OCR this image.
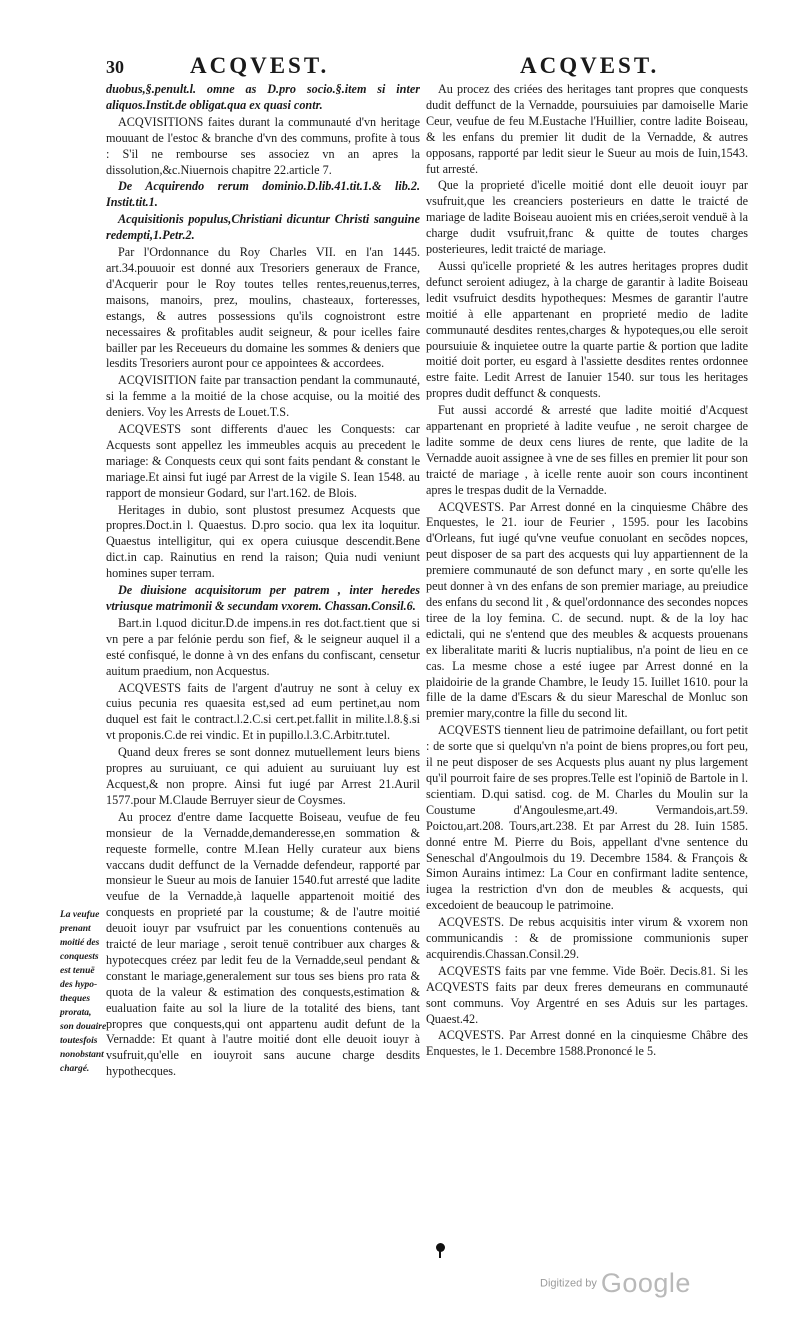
30	ACQVEST.	ACQVEST.

duobus,§.penult.l. omne as D.pro socio.§.item si inter aliquos.Instit.de obligat.qua ex quasi contr.

ACQVISITIONS faites durant la communauté d'vn heritage mouuant de l'estoc & branche d'vn des communs, profite à tous : S'il ne rembourse ses associez vn an apres la dissolution,&c.Niuernois chapitre 22.article 7.

De Acquirendo rerum dominio.D.lib.41.tit.1.& lib.2. Instit.tit.1.

Acquisitionis populus,Christiani dicuntur Christi sanguine redempti,1.Petr.2.

Par l'Ordonnance du Roy Charles VII. en l'an 1445. art.34.pouuoir est donné aux Tresoriers generaux de France, d'Acquerir pour le Roy toutes telles rentes,reuenus,terres, maisons, manoirs, prez, moulins, chasteaux, forteresses, estangs, & autres possessions qu'ils cognoistront estre necessaires & profitables audit seigneur, & pour icelles faire bailler par les Receueurs du domaine les sommes & deniers que lesdits Tresoriers auront pour ce appointees & accordees.

ACQVISITION faite par transaction pendant la communauté, si la femme a la moitié de la chose acquise, ou la moitié des deniers. Voy les Arrests de Louet.T.S.

ACQVESTS sont differents d'auec les Conquests: car Acquests sont appellez les immeubles acquis au precedent le mariage: & Conquests ceux qui sont faits pendant & constant le mariage.Et ainsi fut iugé par Arrest de la vigile S. Iean 1548. au rapport de monsieur Godard, sur l'art.162. de Blois.

Heritages in dubio, sont plustost presumez Acquests que propres.Doct.in l. Quaestus. D.pro socio. qua lex ita loquitur. Quaestus intelligitur, qui ex opera cuiusque descendit.Bene dict.in cap. Rainutius en rend la raison; Quia nudi veniunt homines super terram.

De diuisione acquisitorum per patrem , inter heredes vtriusque matrimonii & secundam vxorem. Chassan.Consil.6.

Bart.in l.quod dicitur.D.de impens.in res dot.fact.tient que si vn pere a par felónie perdu son fief, & le seigneur auquel il a esté confisqué, le donne à vn des enfans du confiscant, censetur auitum praedium, non Acquestus.

ACQVESTS faits de l'argent d'autruy ne sont à celuy ex cuius pecunia res quaesita est,sed ad eum pertinet,au nom duquel est fait le contract.l.2.C.si cert.pet.fallit in milite.l.8.§.si vt proponis.C.de rei vindic. Et in pupillo.l.3.C.Arbitr.tutel.

Quand deux freres se sont donnez mutuellement leurs biens propres au suruiuant, ce qui aduient au suruiuant luy est Acquest,& non propre. Ainsi fut iugé par Arrest 21.Auril 1577.pour M.Claude Berruyer sieur de Coysmes.

Au procez d'entre dame Iacquette Boiseau, veufue de feu monsieur de la Vernadde,demanderesse,en sommation & requeste formelle, contre M.Iean Helly curateur aux biens vaccans dudit deffunct de la Vernadde defendeur, rapporté par monsieur le Sueur au mois de Ianuier 1540.fut arresté que ladite veufue de la Vernadde,à laquelle appartenoit moitié des conquests en proprieté par la coustume; & de l'autre moitié deuoit iouyr par vsufruict par les conuentions contenuës au traicté de leur mariage , seroit tenuë contribuer aux charges & hypotecques créez par ledit feu de la Vernadde,seul pendant & constant le mariage,generalement sur tous ses biens pro rata & quota de la valeur & estimation des conquests,estimation & eualuation faite au sol la liure de la totalité des biens, tant propres que conquests,qui ont appartenu audit defunt de la Vernadde: Et quant à l'autre moitié dont elle deuoit iouyr à vsufruit,qu'elle en iouyroit sans aucune charge desdits hypothecques.

La veufue
prenant
moitié des
conquests
est tenuë
des hypo-
theques
prorata,
son douaire
toutesfois
nonobstant
chargé.

Au procez des criées des heritages tant propres que conquests dudit deffunct de la Vernadde, poursuiuies par damoiselle Marie Ceur, veufue de feu M.Eustache l'Huillier, contre ladite Boiseau, & les enfans du premier lit dudit de la Vernadde, & autres opposans, rapporté par ledit sieur le Sueur au mois de Iuin,1543. fut arresté.

Que la proprieté d'icelle moitié dont elle deuoit iouyr par vsufruit,que les creanciers posterieurs en datte le traicté de mariage de ladite Boiseau auoient mis en criées,seroit venduë à la charge dudit vsufruit,franc & quitte de toutes charges posterieures, ledit traicté de mariage.

Aussi qu'icelle proprieté & les autres heritages propres dudit defunct seroient adiugez, à la charge de garantir à ladite Boiseau ledit vsufruict desdits hypotheques: Mesmes de garantir l'autre moitié à elle appartenant en proprieté medio de ladite communauté desdites rentes,charges & hypoteques,ou elle seroit poursuiuie & inquietee outre la quarte partie & portion que ladite moitié doit porter, eu esgard à l'assiette desdites rentes ordonnee estre faite. Ledit Arrest de Ianuier 1540. sur tous les heritages propres dudit deffunct & conquests.

Fut aussi accordé & arresté que ladite moitié d'Acquest appartenant en proprieté à ladite veufue , ne seroit chargee de ladite somme de deux cens liures de rente, que ladite de la Vernadde auoit assignee à vne de ses filles en premier lit pour son traicté de mariage , à icelle rente auoir son cours incontinent apres le trespas dudit de la Vernadde.

ACQVESTS. Par Arrest donné en la cinquiesme Châbre des Enquestes, le 21. iour de Feurier , 1595. pour les Iacobins d'Orleans, fut iugé qu'vne veufue conuolant en secõdes nopces, peut disposer de sa part des acquests qui luy appartiennent de la premiere communauté de son defunct mary , en sorte qu'elle les peut donner à vn des enfans de son premier mariage, au preiudice des enfans du second lit , & quel'ordonnance des secondes nopces tiree de la loy femina. C. de secund. nupt. & de la loy hac edictali, qui ne s'entend que des meubles & acquests prouenans ex liberalitate mariti & lucris nuptialibus, n'a point de lieu en ce cas. La mesme chose a esté iugee par Arrest donné en la plaidoirie de la grande Chambre, le Ieudy 15. Iuillet 1610. pour la fille de la dame d'Escars & du sieur Mareschal de Monluc son premier mary,contre la fille du second lit.

ACQVESTS tiennent lieu de patrimoine defaillant, ou fort petit : de sorte que si quelqu'vn n'a point de biens propres,ou fort peu, il ne peut disposer de ses Acquests plus auant ny plus largement qu'il pourroit faire de ses propres.Telle est l'opiniõ de Bartole in l. scientiam. D.qui satisd. cog. de M. Charles du Moulin sur la Coustume d'Angoulesme,art.49. Vermandois,art.59. Poictou,art.208. Tours,art.238. Et par Arrest du 28. Iuin 1585. donné entre M. Pierre du Bois, appellant d'vne sentence du Seneschal d'Angoulmois du 19. Decembre 1584. & François & Simon Aurains intimez: La Cour en confirmant ladite sentence, iugea la restriction d'vn don de meubles & acquests, qui excedoient de beaucoup le patrimoine.

ACQVESTS. De rebus acquisitis inter virum & vxorem non communicandis : & de promissione communionis super acquirendis.Chassan.Consil.29.

ACQVESTS faits par vne femme. Vide Boër. Decis.81. Si les ACQVESTS faits par deux freres demeurans en communauté sont communs. Voy Argentré en ses Aduis sur les partages. Quaest.42.

ACQVESTS. Par Arrest donné en la cinquiesme Châbre des Enquestes, le 1. Decembre 1588.Prononcé le 5.

Digitized by Google
